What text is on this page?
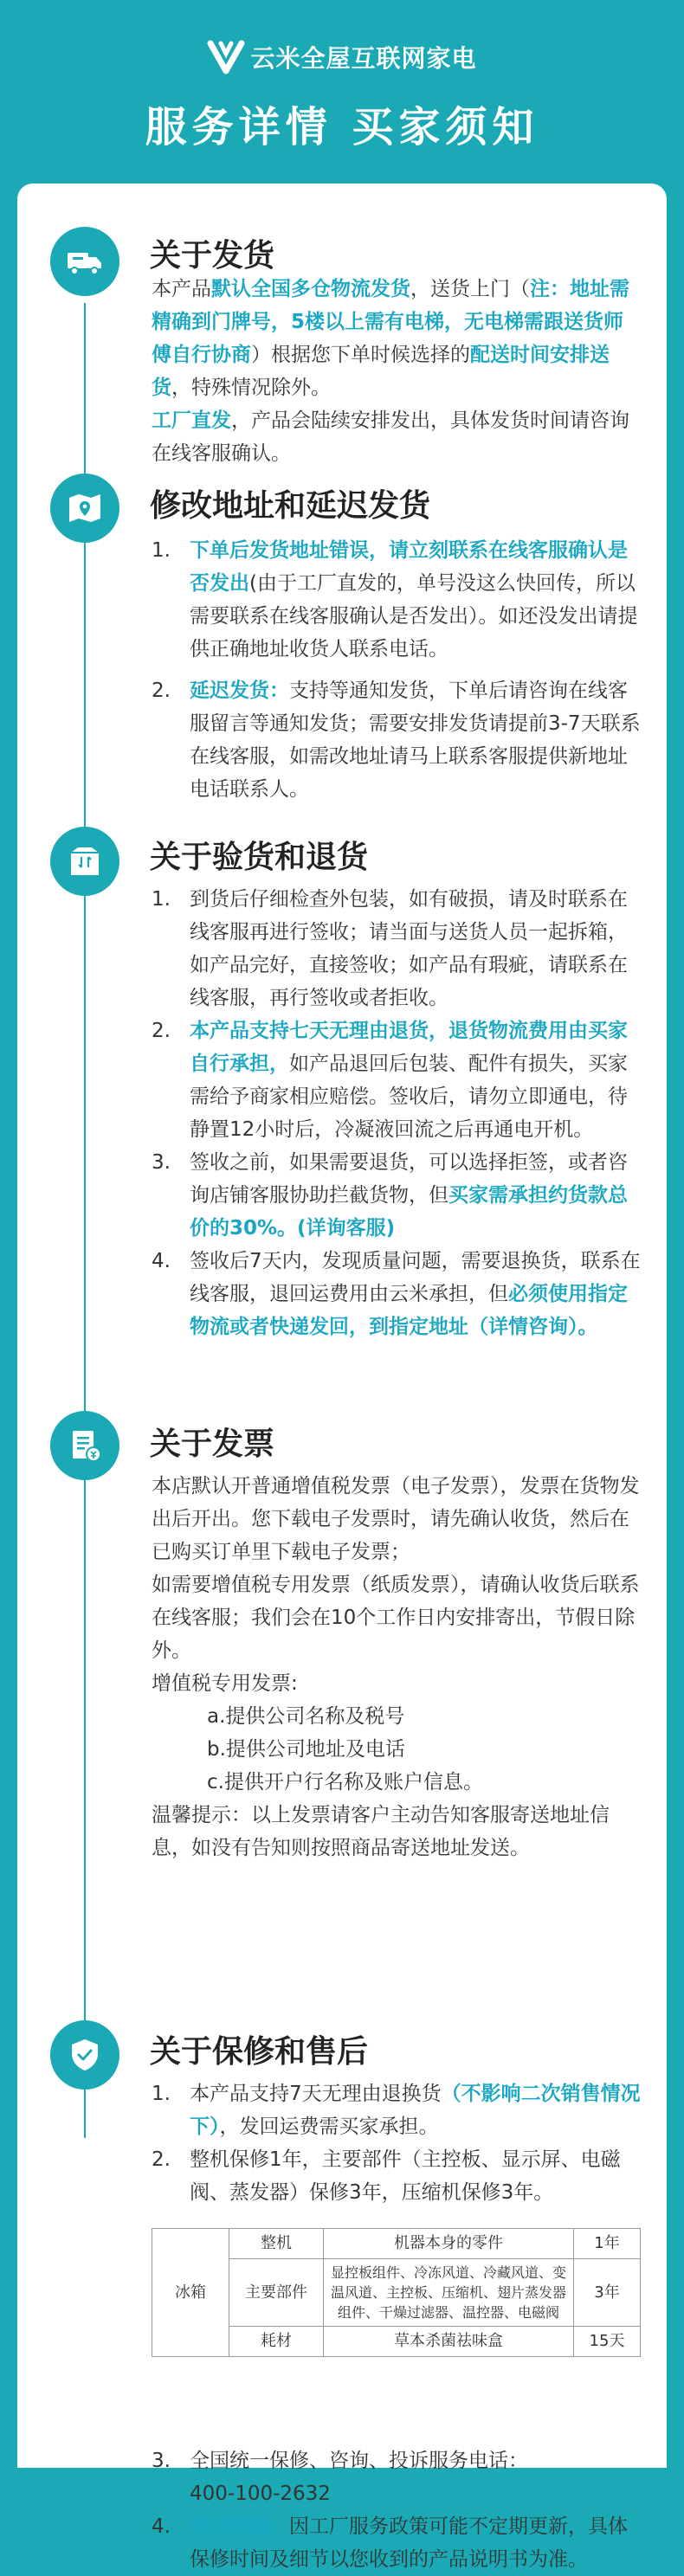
云米全屋互联网家电
服务详情 买家须知
关于发货
本产品默认全国多仓物流发货，送货上门（注：地址需精确到门牌号，5楼以上需有电梯，无电梯需跟送货师傅自行协商）根据您下单时候选择的配送时间安排送货，特殊情况除外。
工厂直发，产品会陆续安排发出，具体发货时间请咨询在线客服确认。
修改地址和延迟发货
1. 下单后发货地址错误，请立刻联系在线客服确认是否发出(由于工厂直发的，单号没这么快回传，所以需要联系在线客服确认是否发出）。如还没发出请提供正确地址收货人联系电话。
2. 延迟发货：支持等通知发货，下单后请咨询在线客服留言等通知发货；需要安排发货请提前3-7天联系在线客服，如需改地址请马上联系客服提供新地址电话联系人。
关于验货和退货
1. 到货后仔细检查外包装，如有破损，请及时联系在线客服再进行签收；请当面与送货人员一起拆箱，如产品完好，直接签收；如产品有瑕疵，请联系在线客服，再行签收或者拒收。
2. 本产品支持七天无理由退货，退货物流费用由买家自行承担，如产品退回后包装、配件有损失，买家需给予商家相应赔偿。签收后，请勿立即通电，待静置12小时后，冷凝液回流之后再通电开机。
3. 签收之前，如果需要退货，可以选择拒签，或者咨询店铺客服协助拦截货物，但买家需承担约货款总价的30%。(详询客服)
4. 签收后7天内，发现质量问题，需要退换货，联系在线客服，退回运费用由云米承担，但必须使用指定物流或者快递发回，到指定地址（详情咨询）。
关于发票
本店默认开普通增值税发票（电子发票），发票在货物发出后开出。您下载电子发票时，请先确认收货，然后在已购买订单里下载电子发票；
如需要增值税专用发票（纸质发票），请确认收货后联系在线客服；我们会在10个工作日内安排寄出，节假日除外。
增值税专用发票:
a.提供公司名称及税号
b.提供公司地址及电话
c.提供开户行名称及账户信息。
温馨提示：以上发票请客户主动告知客服寄送地址信息，如没有告知则按照商品寄送地址发送。
关于保修和售后
1. 本产品支持7天无理由退换货（不影响二次销售情况下），发回运费需买家承担。
2. 整机保修1年，主要部件（主控板、显示屏、电磁阀、蒸发器）保修3年，压缩机保修3年。
冰箱	整机	机器本身的零件	1年
	主要部件	显控板组件、冷冻风道、冷藏风道、变温风道、主控板、压缩机、翅片蒸发器组件、干燥过滤器、温控器、电磁阀	3年
	耗材	草本杀菌祛味盒	15天
3. 全国统一保修、咨询、投诉服务电话：
400-100-2632
4. 特别提醒：因工厂服务政策可能不定期更新，具体保修时间及细节以您收到的产品说明书为准。
